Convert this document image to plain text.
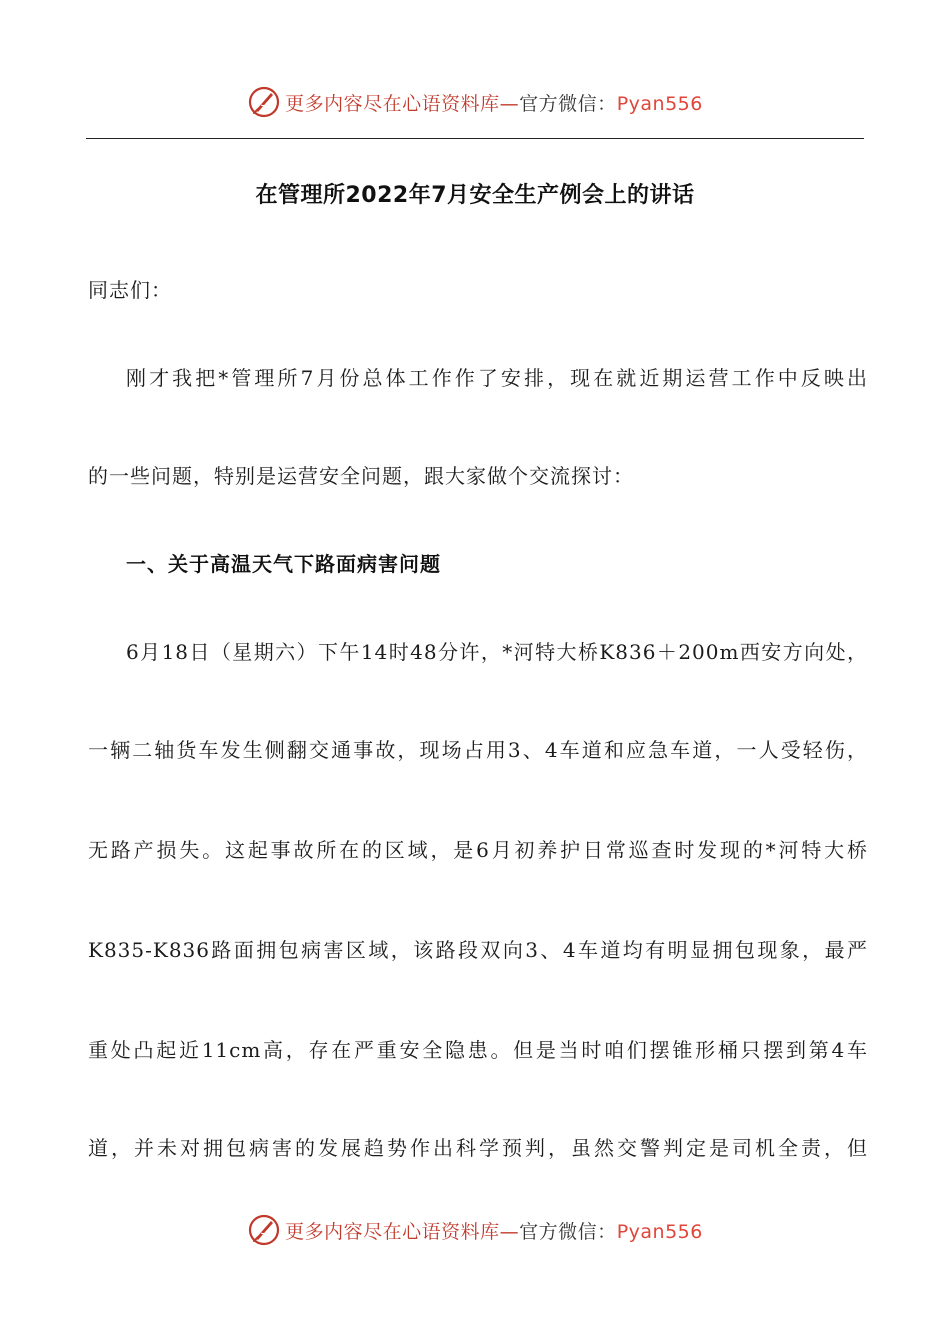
更多内容尽在心语资料库—官方微信：Pyan556
在管理所2022年7月安全生产例会上的讲话
同志们：
刚才我把*管理所7月份总体工作作了安排，现在就近期运营工作中反映出
的一些问题，特别是运营安全问题，跟大家做个交流探讨：
一、关于高温天气下路面病害问题
6月18日（星期六）下午14时48分许，*河特大桥K836＋200m西安方向处，
一辆二轴货车发生侧翻交通事故，现场占用3、4车道和应急车道，一人受轻伤，
无路产损失。这起事故所在的区域，是6月初养护日常巡查时发现的*河特大桥
K835-K836路面拥包病害区域，该路段双向3、4车道均有明显拥包现象，最严
重处凸起近11cm高，存在严重安全隐患。但是当时咱们摆锥形桶只摆到第4车
道，并未对拥包病害的发展趋势作出科学预判，虽然交警判定是司机全责，但
更多内容尽在心语资料库—官方微信：Pyan556
